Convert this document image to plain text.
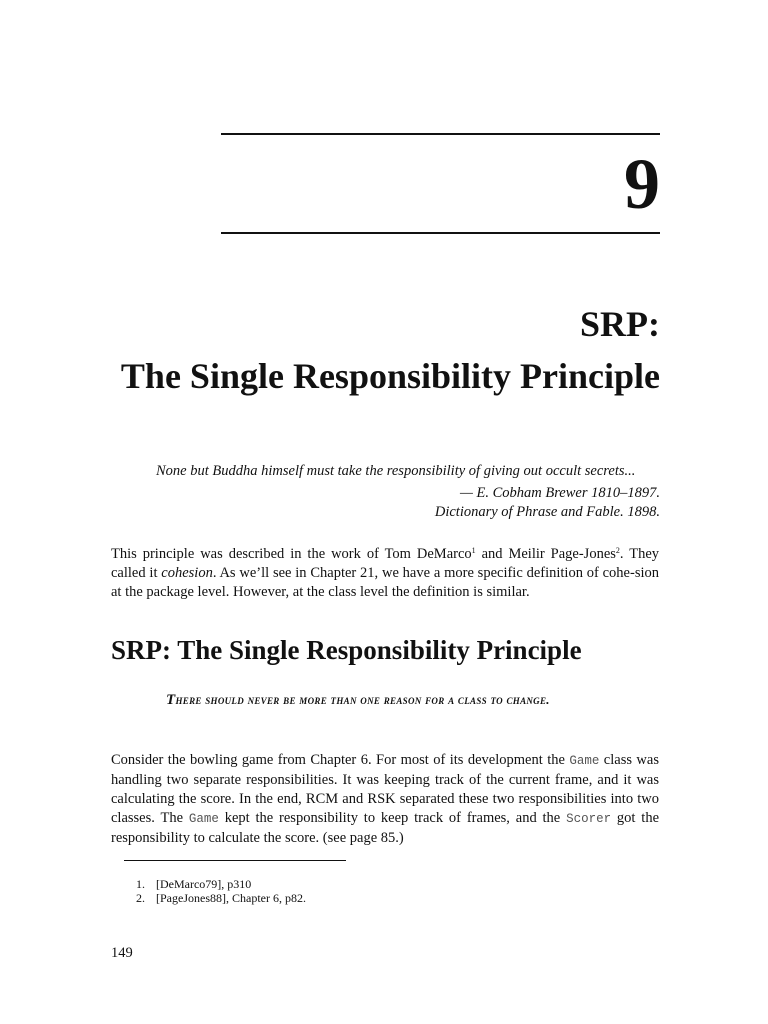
9
SRP:
The Single Responsibility Principle

None but Buddha himself must take the responsibility of giving out occult secrets...

— E. Cobham Brewer 1810–1897.

Dictionary of Phrase and Fable. 1898.

This principle was described in the work of Tom DeMarco$^1$ and Meilir Page-Jones$^2$. They called it cohesion. As we’ll see in Chapter 21, we have a more specific definition of cohe-sion at the package level. However, at the class level the definition is similar.

SRP: The Single Responsibility Principle
There should never be more than one reason for a class to change.

Consider the bowling game from Chapter 6. For most of its development the Game class was handling two separate responsibilities. It was keeping track of the current frame, and it was calculating the score. In the end, RCM and RSK separated these two responsibilities into two classes. The Game kept the responsibility to keep track of frames, and the Scorer got the responsibility to calculate the score. (see page 85.)

1. [DeMarco79], p310
2. [PageJones88], Chapter 6, p82.
149
